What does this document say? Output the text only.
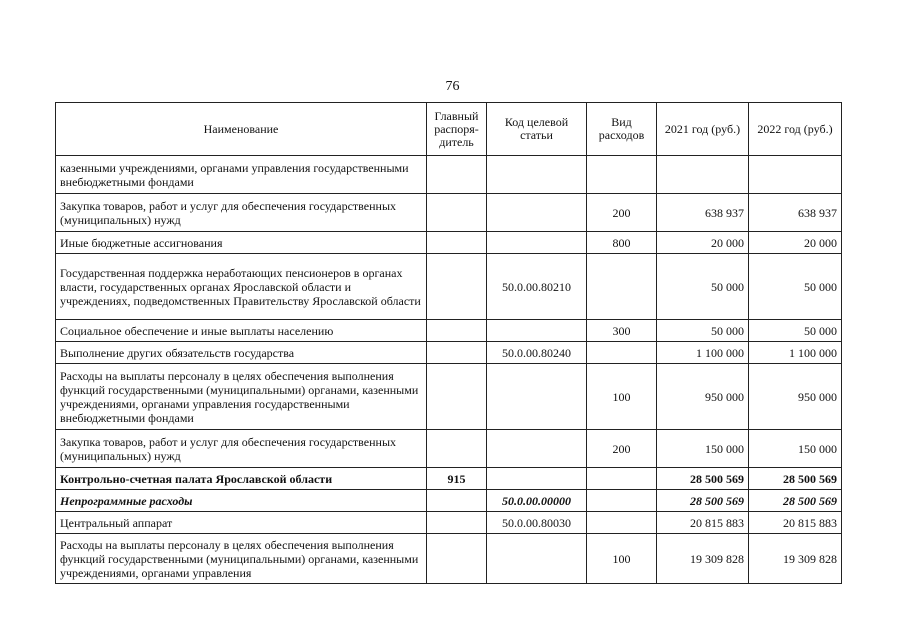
76
Наименование	Главный распоря-дитель	Код целевой статьи	Вид расходов	2021 год (руб.)	2022 год (руб.)
казенными учреждениями, органами управления государственными внебюджетными фондами					
Закупка товаров, работ и услуг для обеспечения государственных (муниципальных) нужд			200	638 937	638 937
Иные бюджетные ассигнования			800	20 000	20 000
Государственная поддержка неработающих пенсионеров в органах власти, государственных органах Ярославской области и учреждениях, подведомственных Правительству Ярославской области		50.0.00.80210		50 000	50 000
Социальное обеспечение и иные выплаты населению			300	50 000	50 000
Выполнение других обязательств государства		50.0.00.80240		1 100 000	1 100 000
Расходы на выплаты персоналу в целях обеспечения выполнения функций государственными (муниципальными) органами, казенными учреждениями, органами управления государственными внебюджетными фондами			100	950 000	950 000
Закупка товаров, работ и услуг для обеспечения государственных (муниципальных) нужд			200	150 000	150 000
Контрольно-счетная палата Ярославской области	915			28 500 569	28 500 569
Непрограммные расходы		50.0.00.00000		28 500 569	28 500 569
Центральный аппарат		50.0.00.80030		20 815 883	20 815 883
Расходы на выплаты персоналу в целях обеспечения выполнения функций государственными (муниципальными) органами, казенными учреждениями, органами управления			100	19 309 828	19 309 828
